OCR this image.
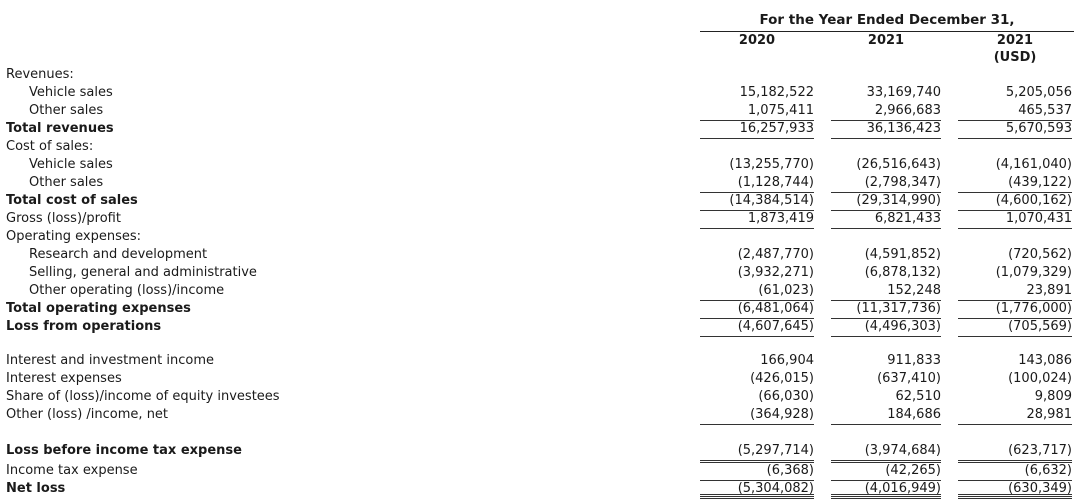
For the Year Ended December 31,
2020	2021	2021
(USD)
Revenues:
Vehicle sales	15,182,522	33,169,740	5,205,056
Other sales	1,075,411	2,966,683	465,537
Total revenues	16,257,933	36,136,423	5,670,593
Cost of sales:
Vehicle sales	(13,255,770)	(26,516,643)	(4,161,040)
Other sales	(1,128,744)	(2,798,347)	(439,122)
Total cost of sales	(14,384,514)	(29,314,990)	(4,600,162)
Gross (loss)/profit	1,873,419	6,821,433	1,070,431
Operating expenses:
Research and development	(2,487,770)	(4,591,852)	(720,562)
Selling, general and administrative	(3,932,271)	(6,878,132)	(1,079,329)
Other operating (loss)/income	(61,023)	152,248	23,891
Total operating expenses	(6,481,064)	(11,317,736)	(1,776,000)
Loss from operations	(4,607,645)	(4,496,303)	(705,569)
Interest and investment income	166,904	911,833	143,086
Interest expenses	(426,015)	(637,410)	(100,024)
Share of (loss)/income of equity investees	(66,030)	62,510	9,809
Other (loss) /income, net	(364,928)	184,686	28,981
Loss before income tax expense	(5,297,714)	(3,974,684)	(623,717)
Income tax expense	(6,368)	(42,265)	(6,632)
Net loss	(5,304,082)	(4,016,949)	(630,349)
